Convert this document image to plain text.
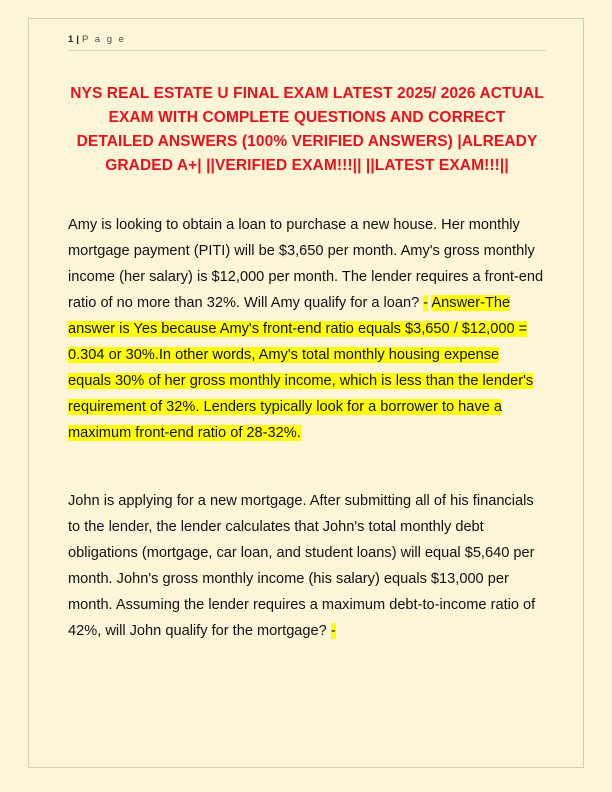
1 | P a g e
NYS REAL ESTATE U FINAL EXAM LATEST 2025/ 2026 ACTUAL EXAM WITH COMPLETE QUESTIONS AND CORRECT DETAILED ANSWERS (100% VERIFIED ANSWERS) |ALREADY GRADED A+| ||VERIFIED EXAM!!!|| ||LATEST EXAM!!!||
Amy is looking to obtain a loan to purchase a new house. Her monthly mortgage payment (PITI) will be $3,650 per month. Amy's gross monthly income (her salary) is $12,000 per month. The lender requires a front-end ratio of no more than 32%. Will Amy qualify for a loan? - Answer-The answer is Yes because Amy's front-end ratio equals $3,650 / $12,000 = 0.304 or 30%.In other words, Amy's total monthly housing expense equals 30% of her gross monthly income, which is less than the lender's requirement of 32%. Lenders typically look for a borrower to have a maximum front-end ratio of 28-32%.
John is applying for a new mortgage. After submitting all of his financials to the lender, the lender calculates that John's total monthly debt obligations (mortgage, car loan, and student loans) will equal $5,640 per month. John's gross monthly income (his salary) equals $13,000 per month. Assuming the lender requires a maximum debt-to-income ratio of 42%, will John qualify for the mortgage? -
